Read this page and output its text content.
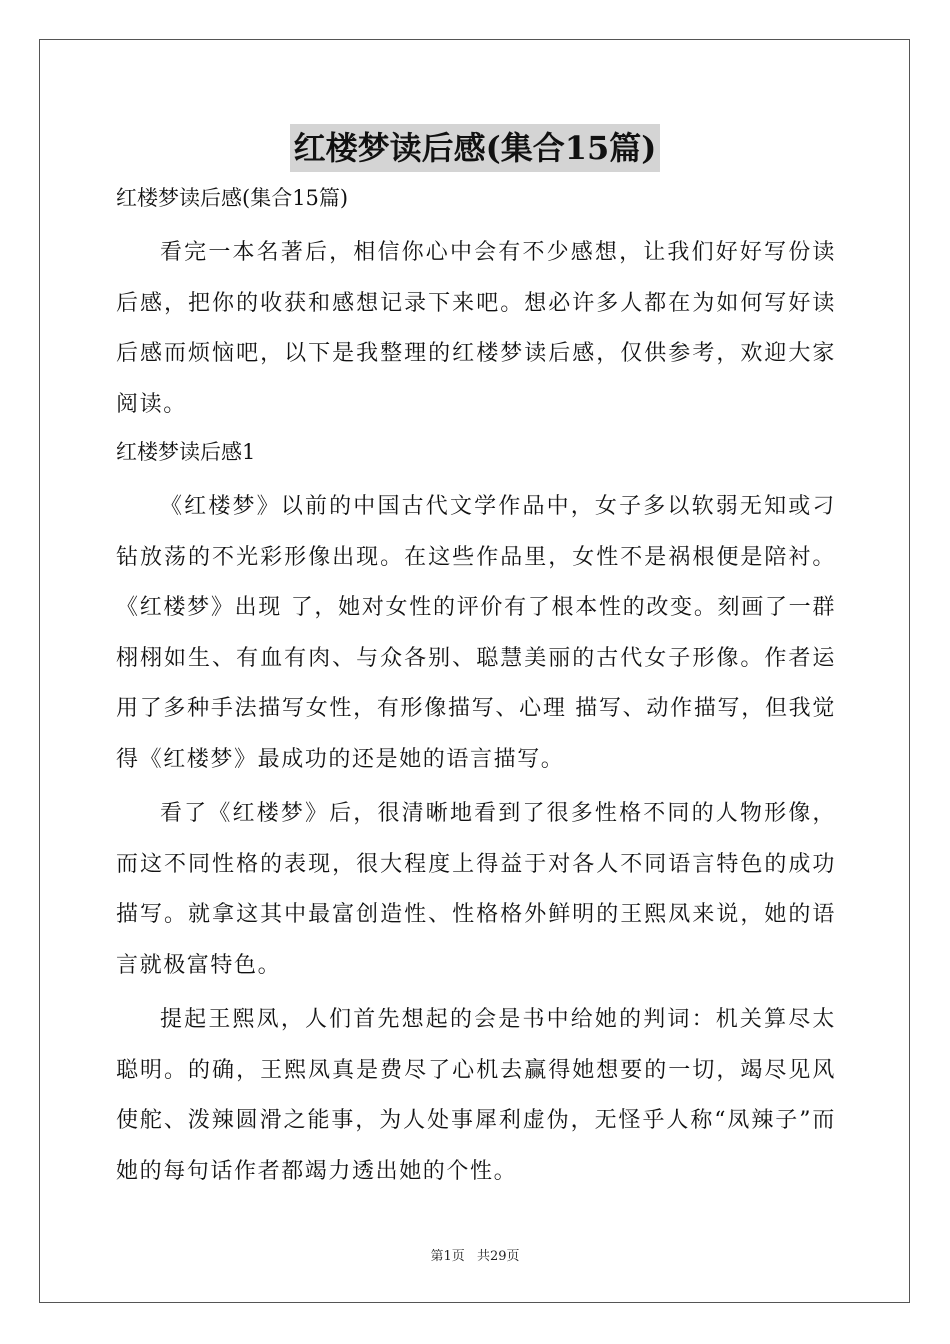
红楼梦读后感(集合15篇)
红楼梦读后感(集合15篇)

看完一本名著后，相信你心中会有不少感想，让我们好好写份读后感，把你的收获和感想记录下来吧。想必许多人都在为如何写好读后感而烦恼吧，以下是我整理的红楼梦读后感，仅供参考，欢迎大家阅读。

红楼梦读后感1

《红楼梦》以前的中国古代文学作品中，女子多以软弱无知或刁钻放荡的不光彩形像出现。在这些作品里，女性不是祸根便是陪衬。《红楼梦》出现 了，她对女性的评价有了根本性的改变。刻画了一群栩栩如生、有血有肉、与众各别、聪慧美丽的古代女子形像。作者运用了多种手法描写女性，有形像描写、心理 描写、动作描写，但我觉得《红楼梦》最成功的还是她的语言描写。

看了《红楼梦》后，很清晰地看到了很多性格不同的人物形像，而这不同性格的表现，很大程度上得益于对各人不同语言特色的成功描写。就拿这其中最富创造性、性格格外鲜明的王熙凤来说，她的语言就极富特色。

提起王熙凤，人们首先想起的会是书中给她的判词：机关算尽太聪明。的确，王熙凤真是费尽了心机去赢得她想要的一切，竭尽见风使舵、泼辣圆滑之能事，为人处事犀利虚伪，无怪乎人称“凤辣子”而她的每句话作者都竭力透出她的个性。

第1页 共29页
